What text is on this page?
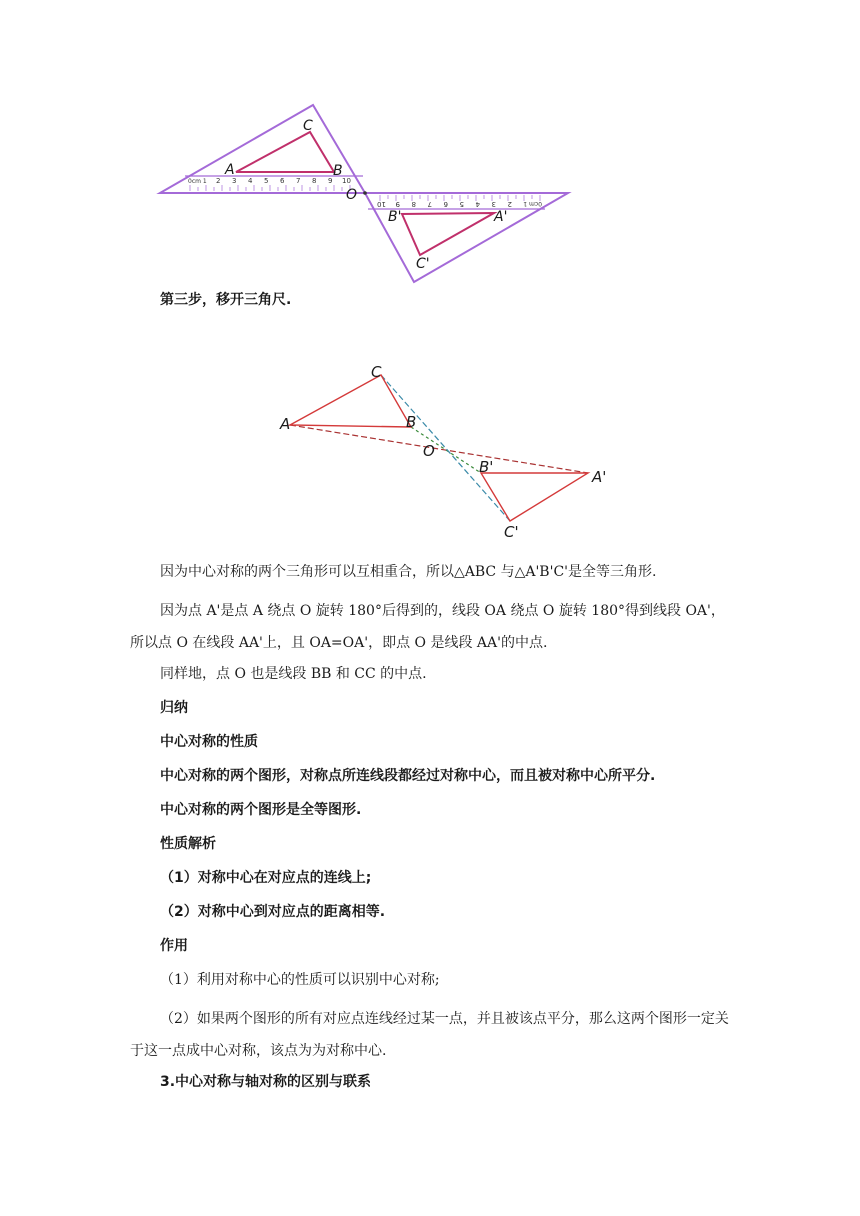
0cm 1 2 3 4 5 6 7 8 9 10
10 9 8 7 6 5 4 3 2 0cm 1
C
A	B
O
B'	A'
C'
第三步，移开三角尺.
C
A	B
O
B'
A'
C'
因为中心对称的两个三角形可以互相重合，所以△ABC 与△A'B'C'是全等三角形.
因为点 A'是点 A 绕点 O 旋转 180°后得到的，线段 OA 绕点 O 旋转 180°得到线段 OA'，所以点 O 在线段 AA'上，且 OA=OA'，即点 O 是线段 AA'的中点.
同样地，点 O 也是线段 BB 和 CC 的中点.
归纳
中心对称的性质
中心对称的两个图形，对称点所连线段都经过对称中心，而且被对称中心所平分.
中心对称的两个图形是全等图形.
性质解析
（1）对称中心在对应点的连线上;
（2）对称中心到对应点的距离相等.
作用
（1）利用对称中心的性质可以识别中心对称;
（2）如果两个图形的所有对应点连线经过某一点，并且被该点平分，那么这两个图形一定关于这一点成中心对称，该点为为对称中心.
3.中心对称与轴对称的区别与联系
